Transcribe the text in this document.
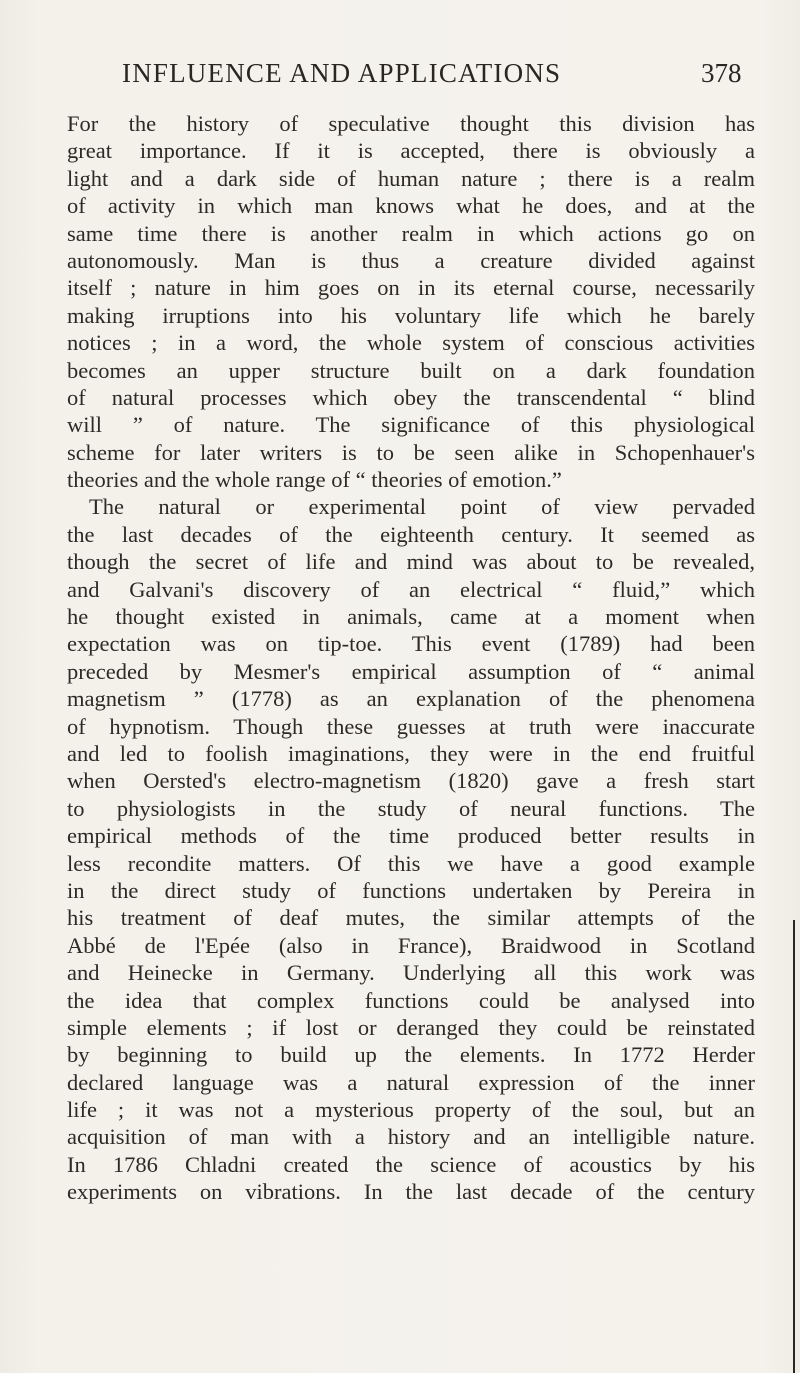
INFLUENCE AND APPLICATIONS	378
For the history of speculative thought this division has
great importance. If it is accepted, there is obviously a
light and a dark side of human nature ; there is a realm
of activity in which man knows what he does, and at the
same time there is another realm in which actions go on
autonomously. Man is thus a creature divided against
itself ; nature in him goes on in its eternal course, necessarily
making irruptions into his voluntary life which he barely
notices ; in a word, the whole system of conscious activities
becomes an upper structure built on a dark foundation
of natural processes which obey the transcendental “ blind
will ” of nature. The significance of this physiological
scheme for later writers is to be seen alike in Schopenhauer's
theories and the whole range of “ theories of emotion.”
The natural or experimental point of view pervaded
the last decades of the eighteenth century. It seemed as
though the secret of life and mind was about to be revealed,
and Galvani's discovery of an electrical “ fluid,” which
he thought existed in animals, came at a moment when
expectation was on tip-toe. This event (1789) had been
preceded by Mesmer's empirical assumption of “ animal
magnetism ” (1778) as an explanation of the phenomena
of hypnotism. Though these guesses at truth were inaccurate
and led to foolish imaginations, they were in the end fruitful
when Oersted's electro-magnetism (1820) gave a fresh start
to physiologists in the study of neural functions. The
empirical methods of the time produced better results in
less recondite matters. Of this we have a good example
in the direct study of functions undertaken by Pereira in
his treatment of deaf mutes, the similar attempts of the
Abbé de l'Epée (also in France), Braidwood in Scotland
and Heinecke in Germany. Underlying all this work was
the idea that complex functions could be analysed into
simple elements ; if lost or deranged they could be reinstated
by beginning to build up the elements. In 1772 Herder
declared language was a natural expression of the inner
life ; it was not a mysterious property of the soul, but an
acquisition of man with a history and an intelligible nature.
In 1786 Chladni created the science of acoustics by his
experiments on vibrations. In the last decade of the century
